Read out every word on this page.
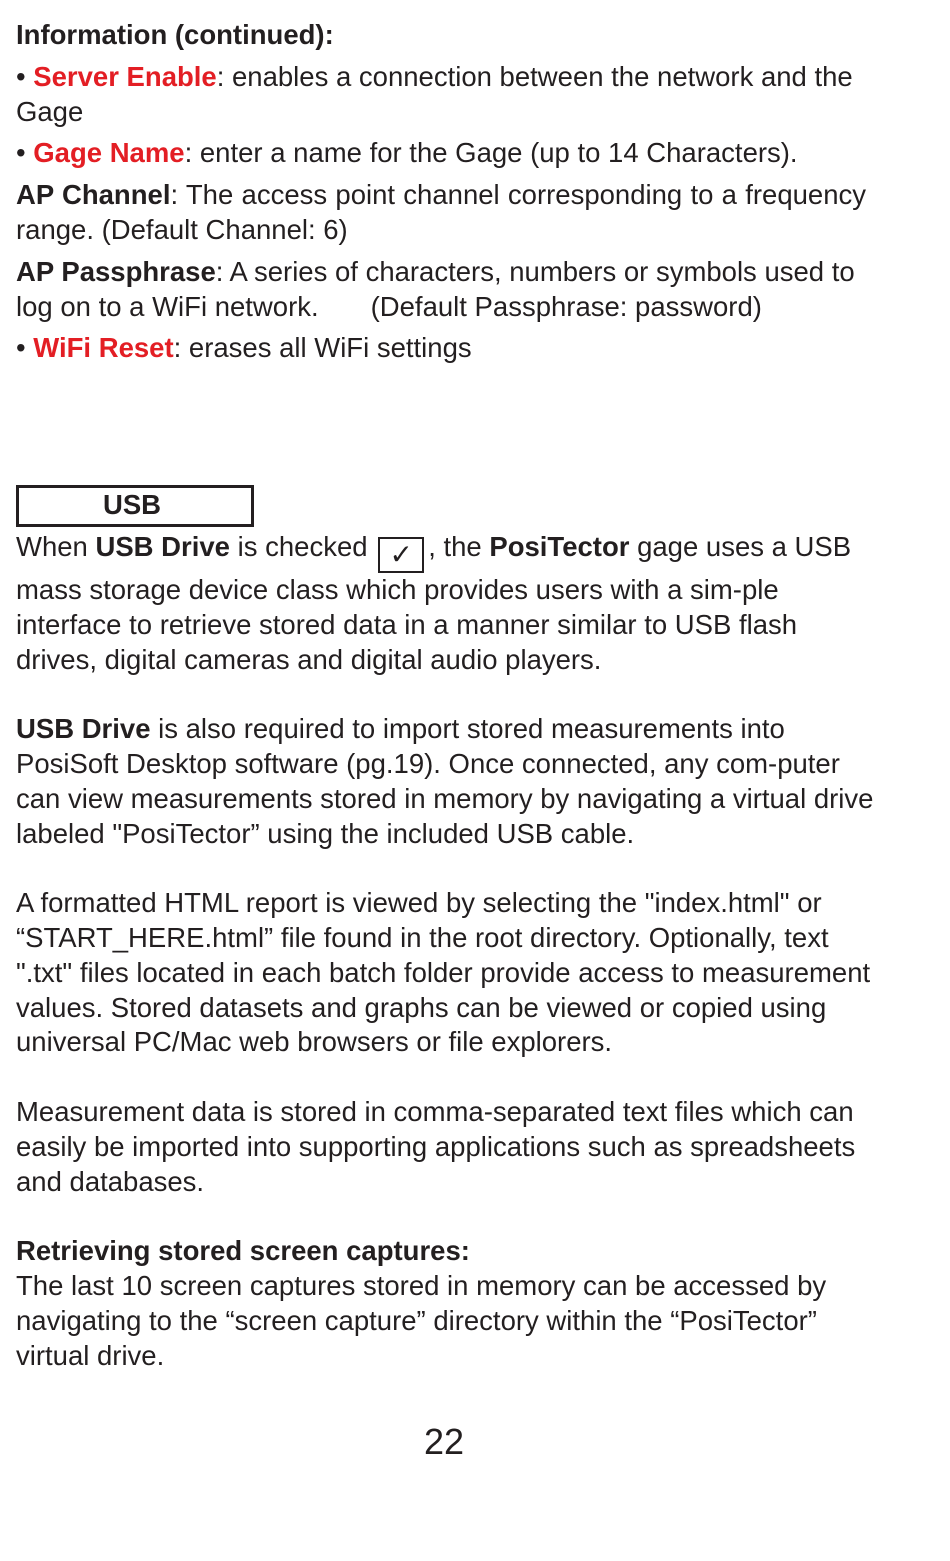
Information (continued):

• Server Enable: enables a connection between the network and the Gage

• Gage Name: enter a name for the Gage (up to 14 Characters).

AP Channel: The access point channel corresponding to a frequency range. (Default Channel: 6)

AP Passphrase: A series of characters, numbers or symbols used to log on to a WiFi network. (Default Passphrase: password)

• WiFi Reset: erases all WiFi settings

USB

When USB Drive is checked ✓ , the PosiTector gage uses a USB mass storage device class which provides users with a sim-ple interface to retrieve stored data in a manner similar to USB flash drives, digital cameras and digital audio players.

USB Drive is also required to import stored measurements into PosiSoft Desktop software (pg.19). Once connected, any com-puter can view measurements stored in memory by navigating a virtual drive labeled "PosiTector” using the included USB cable.

A formatted HTML report is viewed by selecting the "index.html" or “START_HERE.html” file found in the root directory. Optionally, text ".txt" files located in each batch folder provide access to measurement values. Stored datasets and graphs can be viewed or copied using universal PC/Mac web browsers or file explorers.

Measurement data is stored in comma-separated text files which can easily be imported into supporting applications such as spreadsheets and databases.

Retrieving stored screen captures:

The last 10 screen captures stored in memory can be accessed by navigating to the “screen capture” directory within the “PosiTector” virtual drive.

22
